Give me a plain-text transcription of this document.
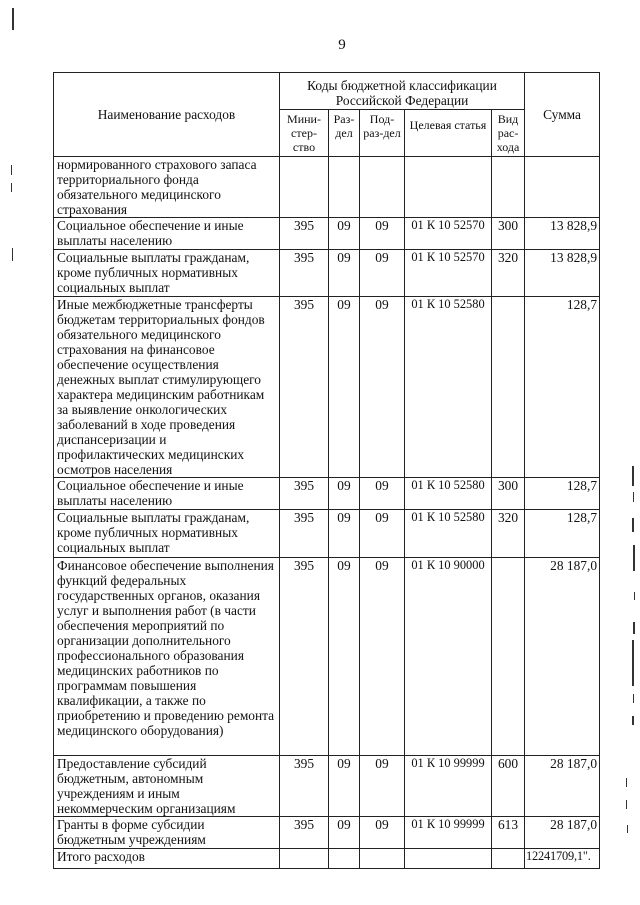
9
Наименование расходов	Коды бюджетной классификации Российской Федерации					Сумма
	Мини-стер-ство	Раз-дел	Под-раз-дел	Целевая статья	Вид рас-хода	
нормированного страхового запаса территориального фонда обязательного медицинского страхования						
Социальное обеспечение и иные выплаты населению	395	09	09	01 К 10 52570	300	13 828,9
Социальные выплаты гражданам, кроме публичных нормативных социальных выплат	395	09	09	01 К 10 52570	320	13 828,9
Иные межбюджетные трансферты бюджетам территориальных фондов обязательного медицинского страхования на финансовое обеспечение осуществления денежных выплат стимулирующего характера медицинским работникам за выявление онкологических заболеваний в ходе проведения диспансеризации и профилактических медицинских осмотров населения	395	09	09	01 К 10 52580		128,7
Социальное обеспечение и иные выплаты населению	395	09	09	01 К 10 52580	300	128,7
Социальные выплаты гражданам, кроме публичных нормативных социальных выплат	395	09	09	01 К 10 52580	320	128,7
Финансовое обеспечение выполнения функций федеральных государственных органов, оказания услуг и выполнения работ (в части обеспечения мероприятий по организации дополнительного профессионального образования медицинских работников по программам повышения квалификации, а также по приобретению и проведению ремонта медицинского оборудования)	395	09	09	01 К 10 90000		28 187,0
Предоставление субсидий бюджетным, автономным учреждениям и иным некоммерческим организациям	395	09	09	01 К 10 99999	600	28 187,0
Гранты в форме субсидии бюджетным учреждениям	395	09	09	01 К 10 99999	613	28 187,0
Итого расходов						12241709,1".
